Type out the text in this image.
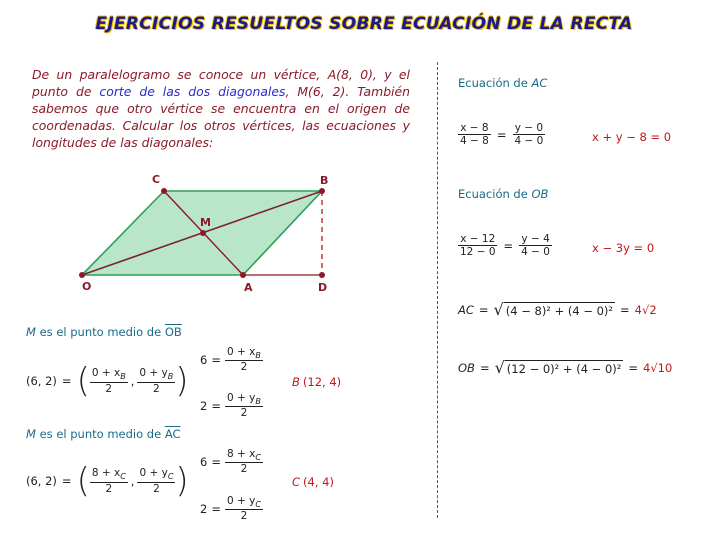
EJERCICIOS RESUELTOS SOBRE ECUACIÓN DE LA RECTA
De un paralelogramo se conoce un vértice, A(8, 0), y el punto de corte de las dos diagonales, M(6, 2). También sabemos que otro vértice se encuentra en el origen de coordenadas. Calcular los otros vértices, las ecuaciones y longitudes de las diagonales:
O	A	D
B
C
M
M es el punto medio de $\overline{OB}$
(6, 2) = ( $\frac{0 + x_B}{2}$ , $\frac{0 + y_B}{2}$ )
$6 = \frac{0 + x_B}{2}$
B (12, 4)
$2 = \frac{0 + y_B}{2}$
M es el punto medio de $\overline{AC}$
(6, 2) = ( $\frac{8 + x_C}{2}$ , $\frac{0 + y_C}{2}$ ) $6 = \frac{8 + x_C}{2}$
C (4, 4)
$2 = \frac{0 + y_C}{2}$
Ecuación de AC
$\frac{x - 8}{4 - 8} = \frac{y - 0}{4 - 0}$	x + y − 8 = 0
Ecuación de OB
$\frac{x - 12}{12 - 0} = \frac{y - 4}{4 - 0}$	x − 3y = 0
AC = √ (4 − 8)² + (4 − 0)² = 4√2
OB = √ (12 − 0)² + (4 − 0)² = 4√10
